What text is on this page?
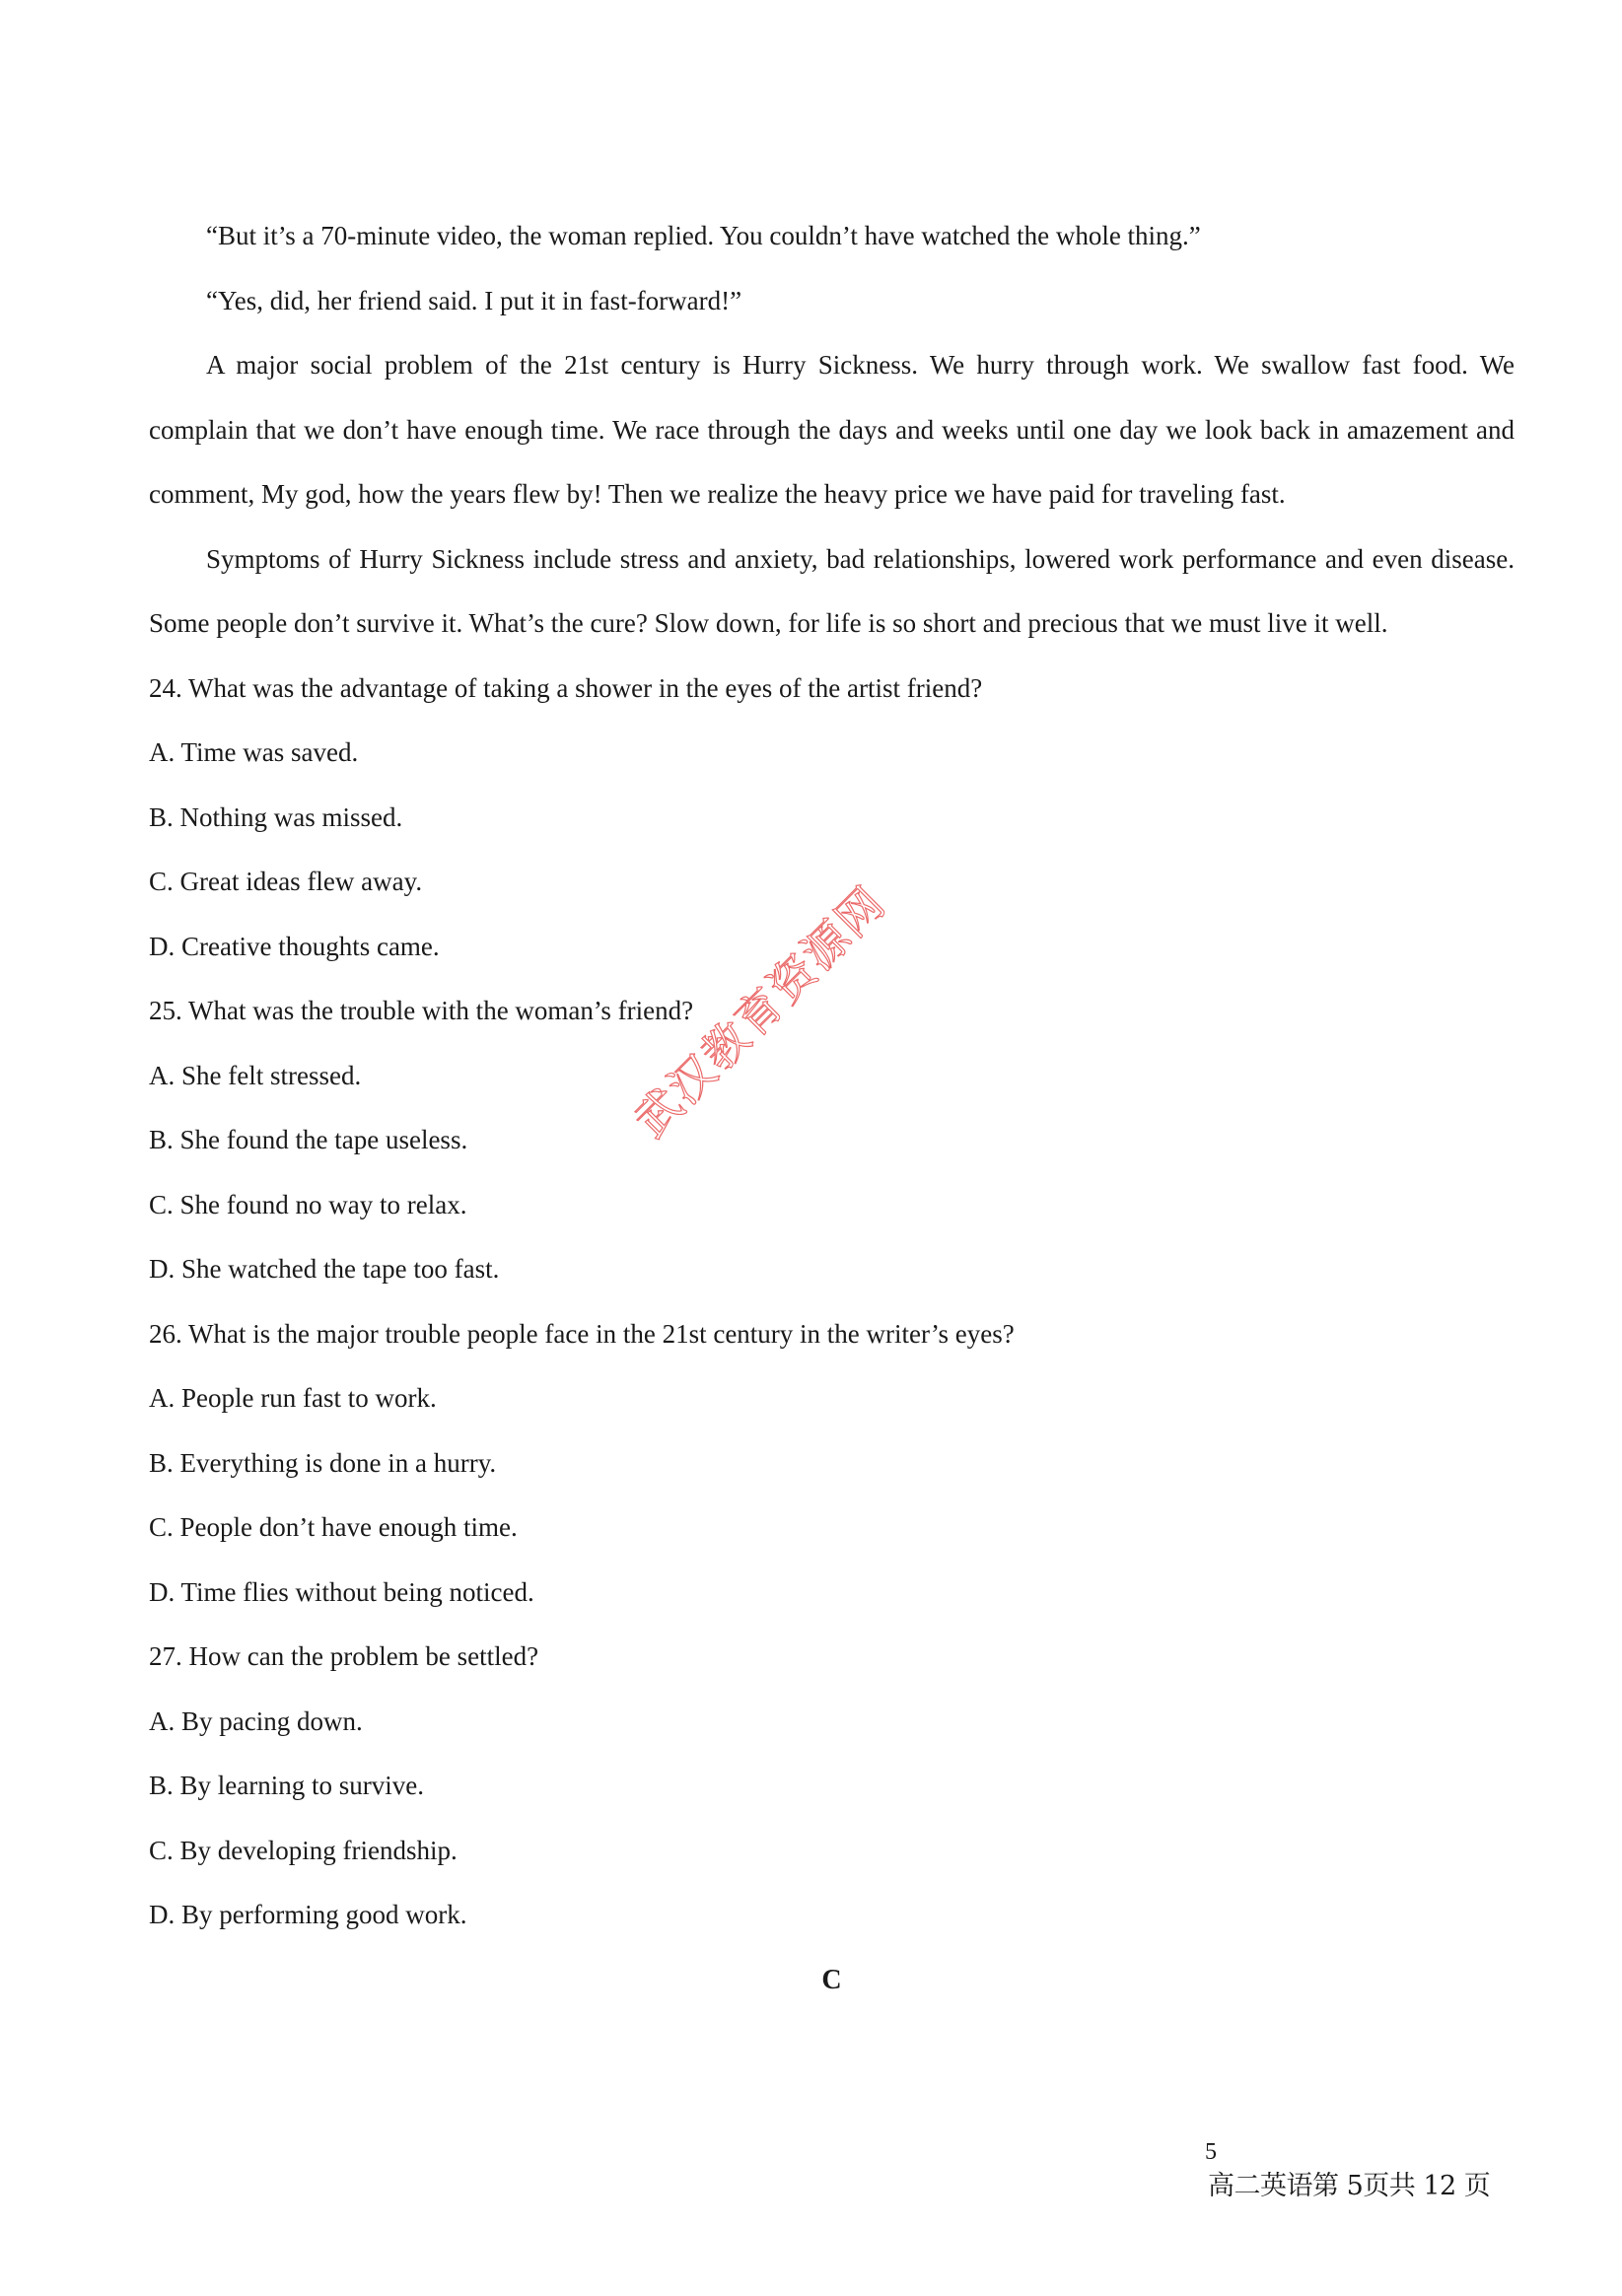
“But it’s a 70-minute video, the woman replied. You couldn’t have watched the whole thing.”
“Yes, did, her friend said. I put it in fast-forward!”

A major social problem of the 21st century is Hurry Sickness. We hurry through work. We swallow fast food. We complain that we don’t have enough time. We race through the days and weeks until one day we look back in amazement and comment, My god, how the years flew by! Then we realize the heavy price we have paid for traveling fast.

Symptoms of Hurry Sickness include stress and anxiety, bad relationships, lowered work performance and even disease. Some people don’t survive it. What’s the cure? Slow down, for life is so short and precious that we must live it well.

24. What was the advantage of taking a shower in the eyes of the artist friend?
A. Time was saved.
B. Nothing was missed.
C. Great ideas flew away.
D. Creative thoughts came.
25. What was the trouble with the woman’s friend?
A. She felt stressed.
B. She found the tape useless.
C. She found no way to relax.
D. She watched the tape too fast.
26. What is the major trouble people face in the 21st century in the writer’s eyes?
A. People run fast to work.
B. Everything is done in a hurry.
C. People don’t have enough time.
D. Time flies without being noticed.
27. How can the problem be settled?
A. By pacing down.
B. By learning to survive.
C. By developing friendship.
D. By performing good work.
C
武汉教育资源网
5
高二英语第 5页共 12 页
